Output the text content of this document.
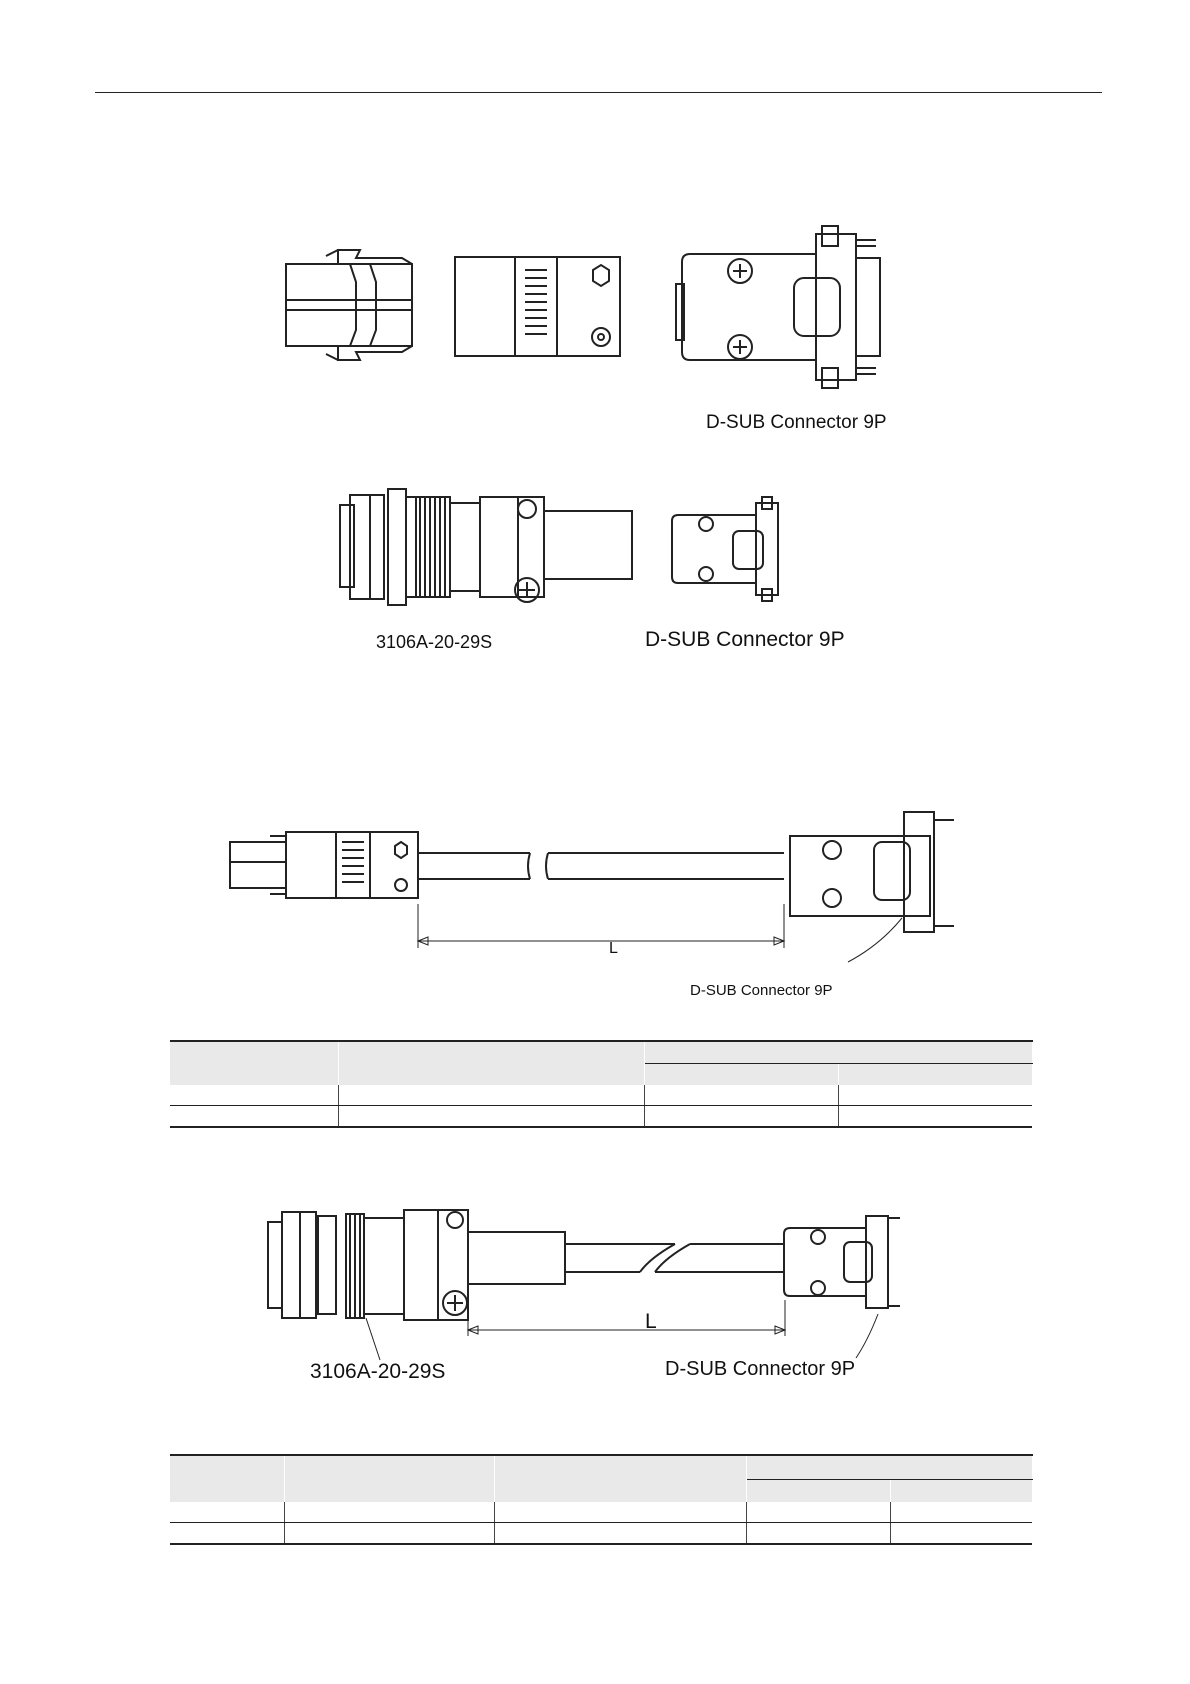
D-SUB Connector 9P
3106A-20-29S	D-SUB Connector 9P
L
D-SUB Connector 9P
L
3106A-20-29S	D-SUB Connector 9P
